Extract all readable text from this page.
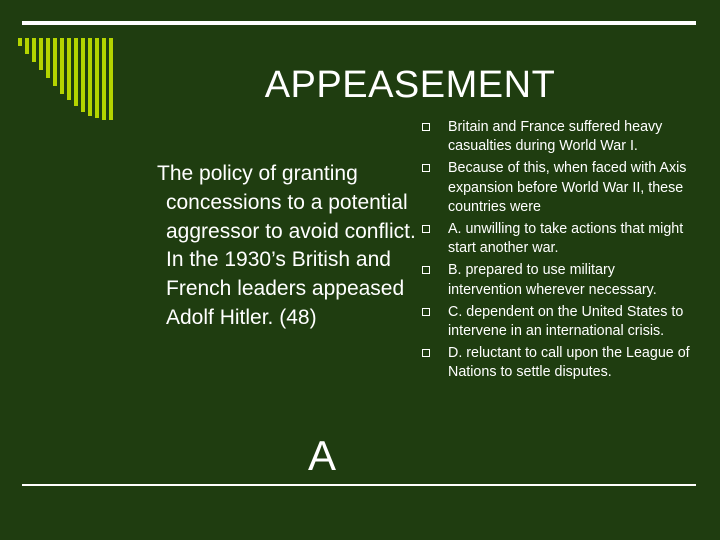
APPEASEMENT
The policy of granting concessions to a potential aggressor to avoid conflict. In the 1930’s British and French leaders appeased Adolf Hitler. (48)
A
Britain and France suffered heavy casualties during World War I.
Because of this, when faced with Axis expansion before World War II, these countries were
A. unwilling to take actions that might start another war.
B. prepared to use military intervention wherever necessary.
C. dependent on the United States to intervene in an international crisis.
D. reluctant to call upon the League of Nations to settle disputes.
